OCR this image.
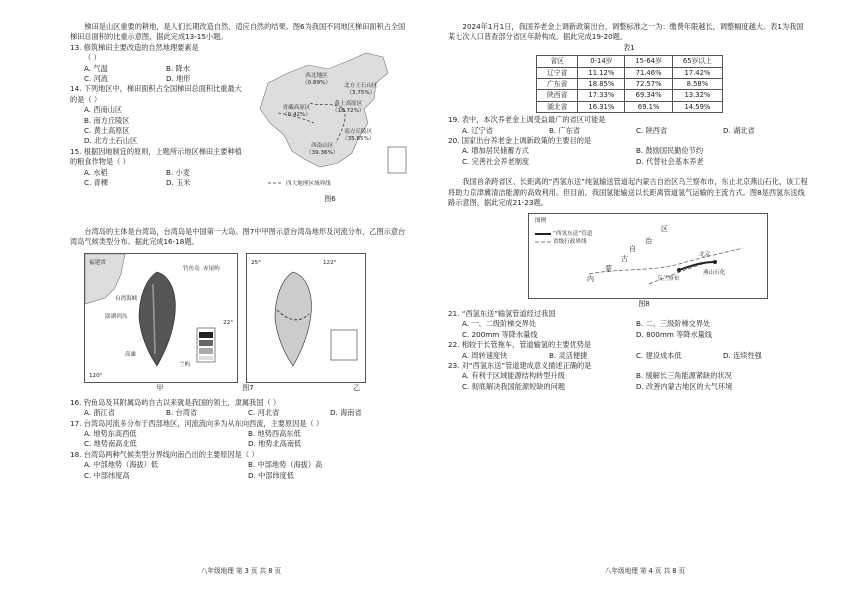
梯田是山区重要的耕地，是人们长期改造自然、适应自然的结果。图6为我国不同地区梯田面积占全国梯田总面积的比重示意图，据此完成13-15小题。

13. 修筑梯田主要改造的自然地理要素是

（ ）

A. 气温	B. 降水
C. 河流	D. 地形

14. 下列地区中，梯田面积占全国梯田总面积比重最大的是（ ）

A. 西南山区
B. 南方丘陵区
C. 黄土高原区
D. 北方土石山区

15. 根据因地制宜的原则，上题所示地区梯田主要种植的粮食作物是（ ）

A. 水稻	B. 小麦
C. 青稞	D. 玉米
西北地区
（0.89%） 北方土石山区
（3.75%）
青藏高原区
（0.42%）
黄土高原区
（18.72%）
南方丘陵区
（35.85%）
西南山区
（39.36%）
四大地理区域界线

图6

台湾岛的主体是台湾岛，台湾岛是中国第一大岛。图7中甲图示意台湾岛地形及河流分布，乙图示意台湾岛气候类型分布。据此完成16-18题。

福建省
钓鱼岛 赤尾屿
澎湖列岛
台湾海峡
高雄
兰屿
120°
22°
25°	122°
甲	图7	乙

16. 钓鱼岛及其附属岛屿自古以来就是我国的领土，隶属我国（ ）

A. 浙江省	B. 台湾省	C. 河北省	D. 海南省

17. 台湾岛河流多分布于西部地区，河流流向多为从东向西流，主要原因是（ ）

A. 地势东高西低	B. 地势西高东低
C. 地势南高北低	D. 地势北高南低

18. 台湾岛两种气候类型分界线向南凸出的主要原因是（ ）

A. 中部地势（海拔）低	B. 中部地势（海拔）高
C. 中部纬度高	D. 中部纬度低
八年级地理 第 3 页 共 8 页

2024年1月1日，我国养老金上调新政策出台，调整标准之一为：缴费年限越长，调整幅度越大。表1为我国某七次人口普查部分省区年龄构成。据此完成19-20题。

表1

省区	0-14岁	15-64岁	65岁以上
辽宁省	11.12%	71.46%	17.42%
广东省	18.85%	72.57%	8.58%
陕西省	17.33%	69.34%	13.32%
湖北省	16.31%	69.1%	14.59%

19. 表中，本次养老金上调受益最广的省区可能是

A. 辽宁省	B. 广东省	C. 陕西省	D. 湖北省

20. 国家出台养老金上调新政策的主要目的是

A. 增加居民储蓄方式	B. 鼓励国民勤俭节约
C. 完善社会养老制度	D. 代替社会基本养老

我国首条跨省区、长距离的“西氢东送”纯氢输送管道起内蒙古自治区乌兰察布市，东止北京燕山石化，该工程将助力京津冀清洁能源的高效利用。但目前，我国氢能输送以长距离管道氢气运输的主流方式。图8是西氢东送线路示意图，据此完成21-23题。

图例
“西氢东送”管道
省级行政界线
区
治
自
古
蒙
内
北京
乌兰察布
燕山石化

图8

21. “西氢东送”输氢管道经过我国

A. 一、二级阶梯交界处	B. 二、三级阶梯交界处
C. 200mm 等降水量线	D. 800mm 等降水量线

22. 相较于长管拖车，管道输氢的主要优势是

A. 周转速度快	B. 灵活便捷	C. 建设成本低	D. 连续性强

23. 对“西氢东送”管道建成意义描述正确的是

A. 有利于区域能源结构转型升级	B. 缓解长三角能源紧缺的状况
C. 彻底解决我国能源短缺的问题	D. 改善内蒙古地区的大气环境
八年级地理 第 4 页 共 8 页
